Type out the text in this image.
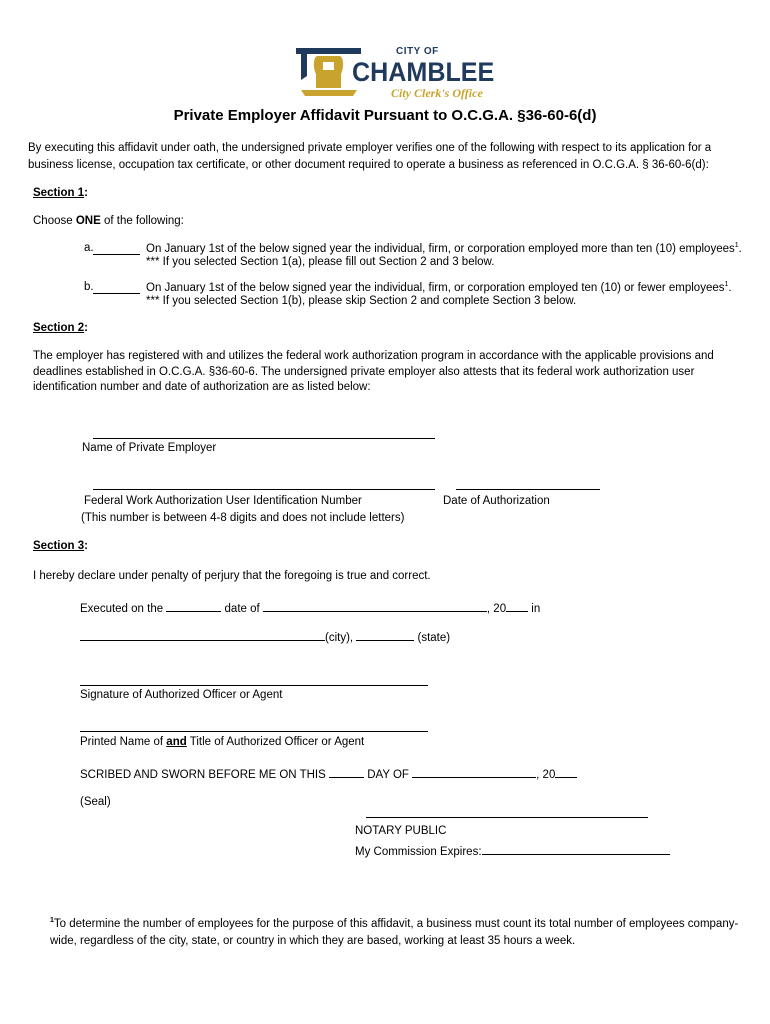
CITY OF
CHAMBLEE
City Clerk's Office
Private Employer Affidavit Pursuant to O.C.G.A. §36-60-6(d)
By executing this affidavit under oath, the undersigned private employer verifies one of the following with respect to its application for a business license, occupation tax certificate, or other document required to operate a business as referenced in O.C.G.A. § 36-60-6(d):
Section 1:
Choose ONE of the following:
a.	On January 1st of the below signed year the individual, firm, or corporation employed more than ten (10) employees$^1$.
*** If you selected Section 1(a), please fill out Section 2 and 3 below.
b.	On January 1st of the below signed year the individual, firm, or corporation employed ten (10) or fewer employees$^1$.
*** If you selected Section 1(b), please skip Section 2 and complete Section 3 below.
Section 2:
The employer has registered with and utilizes the federal work authorization program in accordance with the applicable provisions and deadlines established in O.C.G.A. §36-60-6. The undersigned private employer also attests that its federal work authorization user identification number and date of authorization are as listed below:
Name of Private Employer
Federal Work Authorization User Identification Number	Date of Authorization
(This number is between 4-8 digits and does not include letters)
Section 3:
I hereby declare under penalty of perjury that the foregoing is true and correct.
Executed on the	date of	, 20 in
(city),	(state)
Signature of Authorized Officer or Agent
Printed Name of and Title of Authorized Officer or Agent
SCRIBED AND SWORN BEFORE ME ON THIS	DAY OF	, 20
(Seal)
NOTARY PUBLIC
My Commission Expires:
$^1$To determine the number of employees for the purpose of this affidavit, a business must count its total number of employees company-wide, regardless of the city, state, or country in which they are based, working at least 35 hours a week.
